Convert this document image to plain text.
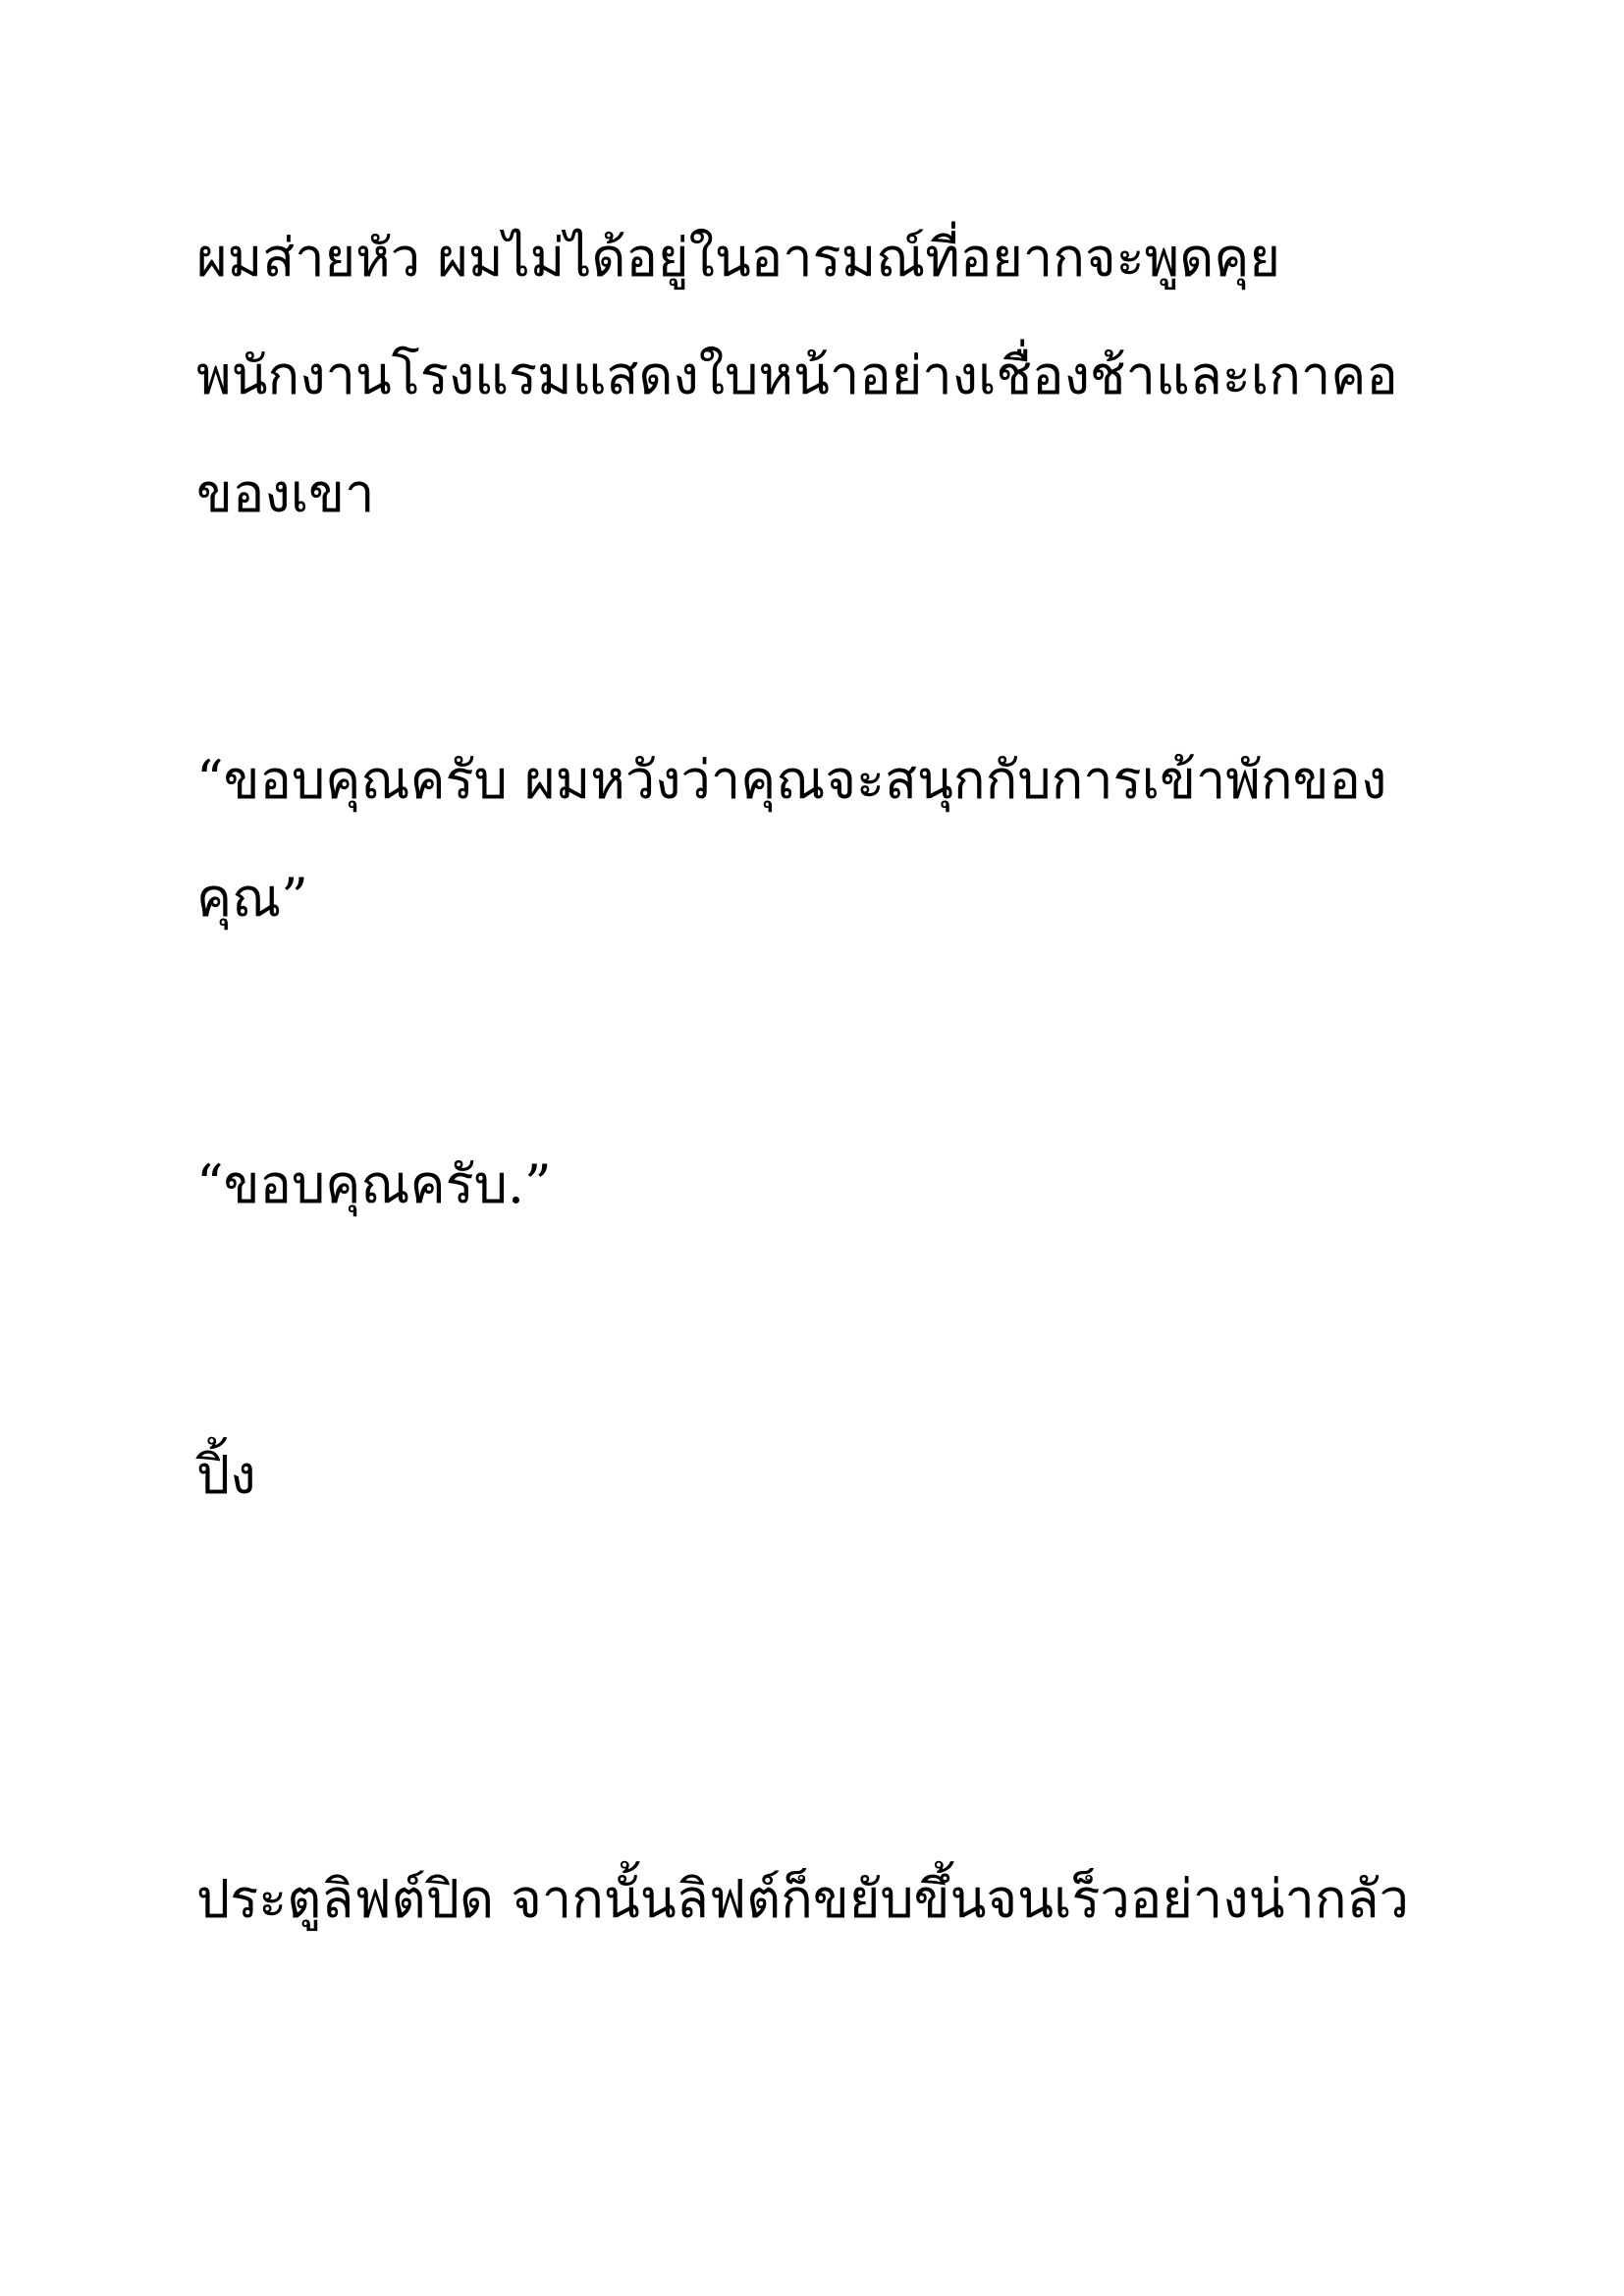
ผมส่ายหัว ผมไม่ได้อยู่ในอารมณ์ที่อยากจะพูดคุย
พนักงานโรงแรมแสดงใบหน้าอย่างเชื่องช้าและเกาคอ
ของเขา
“ขอบคุณครับ ผมหวังว่าคุณจะสนุกกับการเข้าพักของ
คุณ”
“ขอบคุณครับ.”
ปิ้ง
ประตูลิฟต์ปิด จากนั้นลิฟต์ก็ขยับขึ้นจนเร็วอย่างน่ากลัว
